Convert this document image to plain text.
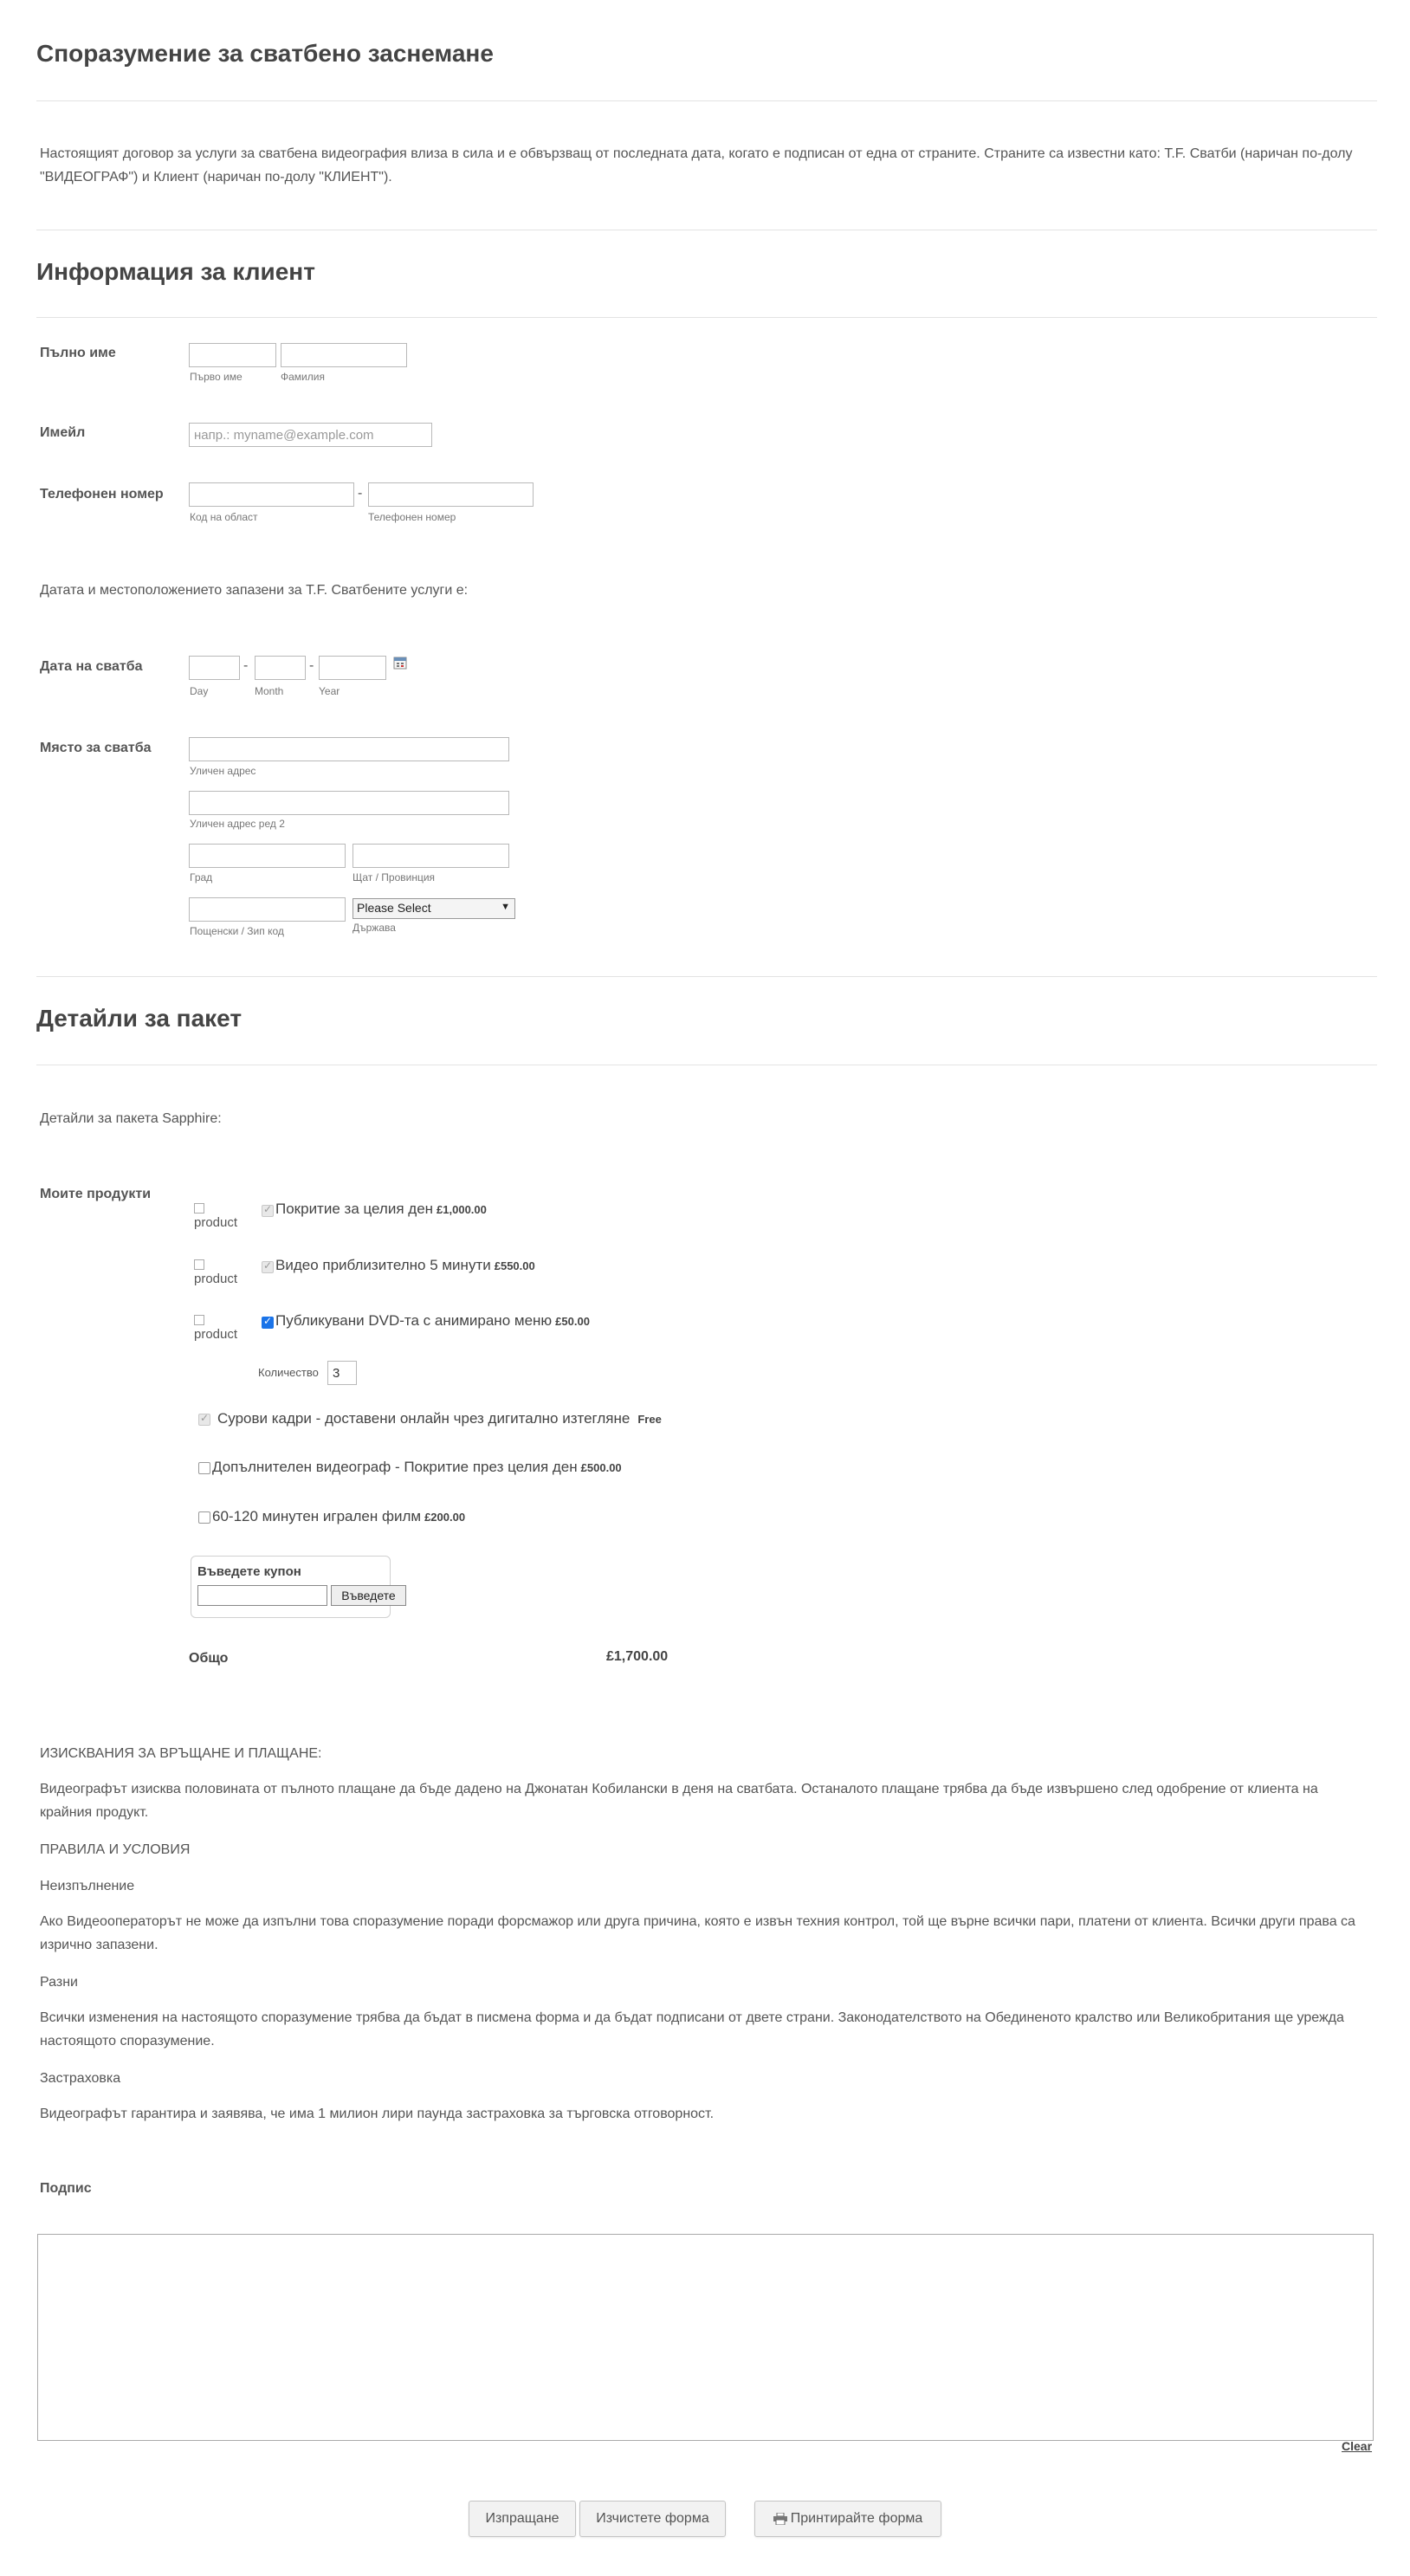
Споразумение за сватбено заснемане
Настоящият договор за услуги за сватбена видеография влиза в сила и е обвързващ от последната дата, когато е подписан от една от страните. Страните са известни като: T.F. Сватби (наричан по-долу "ВИДЕОГРАФ") и Клиент (наричан по-долу "КЛИЕНТ").
Информация за клиент
Пълно име
Първо име	Фамилия
Имейл
напр.: myname@example.com
Телефонен номер	-
Код на област	Телефонен номер
Датата и местоположението запазени за T.F. Сватбените услуги е:
Дата на сватба	-	-
Day	Month	Year
Място за сватба
Уличен адрес
Уличен адрес ред 2
Град	Щат / Провинция
Please Select	▼
Пощенски / Зип код	Държава
Детайли за пакет
Детайли за пакета Sapphire:
Моите продукти

product
✓
Покритие за целия ден £1,000.00

product
✓
Видео приблизително 5 минути £550.00

product
✓
Публикувани DVD-та с анимирано меню £50.00
Количество
3
✓
Сурови кадри - доставени онлайн чрез дигитално изтегляне Free
Допълнителен видеограф - Покритие през целия ден £500.00
60-120 минутен игрален филм £200.00
Въведете купон
Въведете
Общо	£1,700.00
ИЗИСКВАНИЯ ЗА ВРЪЩАНЕ И ПЛАЩАНЕ:
Видеографът изисква половината от пълното плащане да бъде дадено на Джонатан Кобилански в деня на сватбата. Останалото плащане трябва да бъде извършено след одобрение от клиента на крайния продукт.
ПРАВИЛА И УСЛОВИЯ
Неизпълнение
Ако Видеооператорът не може да изпълни това споразумение поради форсмажор или друга причина, която е извън техния контрол, той ще върне всички пари, платени от клиента. Всички други права са изрично запазени.
Разни
Всички изменения на настоящото споразумение трябва да бъдат в писмена форма и да бъдат подписани от двете страни. Законодателството на Обединеното кралство или Великобритания ще урежда настоящото споразумение.
Застраховка
Видеографът гарантира и заявява, че има 1 милион лири паунда застраховка за търговска отговорност.
Подпис
Clear
Изпращане	Изчистете форма	Принтирайте форма
